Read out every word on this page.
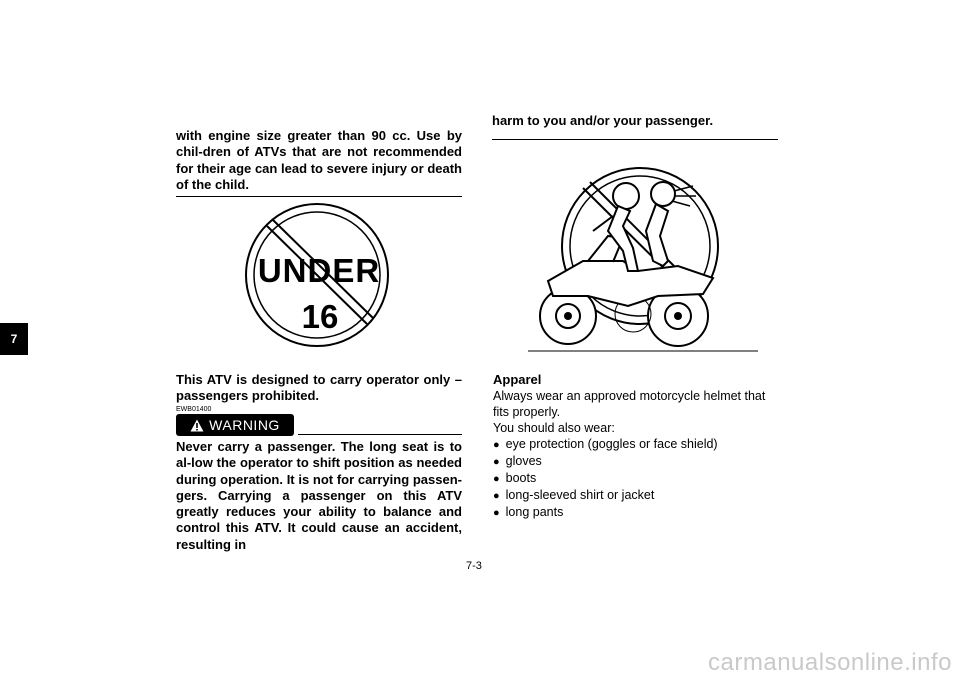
7

with engine size greater than 90 cc. Use by chil-dren of ATVs that are not recommended for their age can lead to severe injury or death of the child.

UNDER
16

This ATV is designed to carry operator only – passengers prohibited.

EWB01400
WARNING

Never carry a passenger. The long seat is to al-low the operator to shift position as needed during operation. It is not for carrying passen-gers. Carrying a passenger on this ATV greatly reduces your ability to balance and control this ATV. It could cause an accident, resulting in

harm to you and/or your passenger.

Apparel
Always wear an approved motorcycle helmet that fits properly.
You should also wear:
● eye protection (goggles or face shield)
● gloves
● boots
● long-sleeved shirt or jacket
● long pants
7-3
carmanualsonline.info
